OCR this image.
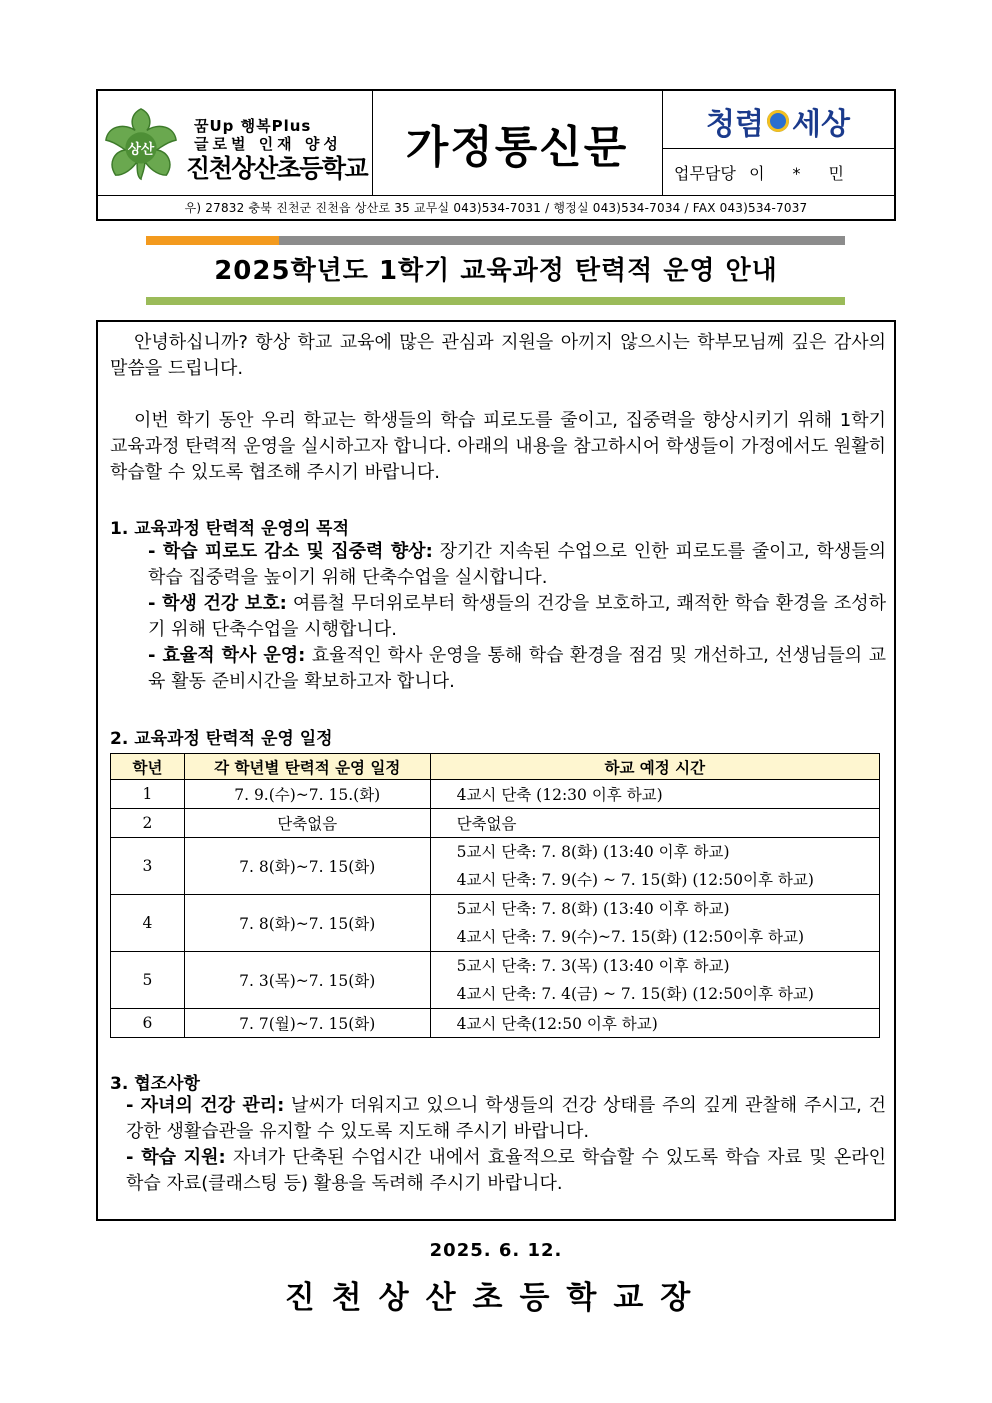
상산
꿈Up 행복Plus
글로벌 인재 양성
진천상산초등학교 가정통신문	청렴 세상
업무담당 이*민
우) 27832 충북 진천군 진천읍 상산로 35 교무실 043)534-7031 / 행정실 043)534-7034 / FAX 043)534-7037
2025학년도 1학기 교육과정 탄력적 운영 안내
안녕하십니까? 항상 학교 교육에 많은 관심과 지원을 아끼지 않으시는 학부모님께 깊은 감사의 말씀을 드립니다.
이번 학기 동안 우리 학교는 학생들의 학습 피로도를 줄이고, 집중력을 향상시키기 위해 1학기 교육과정 탄력적 운영을 실시하고자 합니다. 아래의 내용을 참고하시어 학생들이 가정에서도 원활히 학습할 수 있도록 협조해 주시기 바랍니다.
1. 교육과정 탄력적 운영의 목적
- 학습 피로도 감소 및 집중력 향상: 장기간 지속된 수업으로 인한 피로도를 줄이고, 학생들의 학습 집중력을 높이기 위해 단축수업을 실시합니다.
- 학생 건강 보호: 여름철 무더위로부터 학생들의 건강을 보호하고, 쾌적한 학습 환경을 조성하기 위해 단축수업을 시행합니다.
- 효율적 학사 운영: 효율적인 학사 운영을 통해 학습 환경을 점검 및 개선하고, 선생님들의 교육 활동 준비시간을 확보하고자 합니다.
2. 교육과정 탄력적 운영 일정
학년	각 학년별 탄력적 운영 일정	하교 예정 시간
1	7. 9.(수)~7. 15.(화)	4교시 단축 (12:30 이후 하교)
2	단축없음	단축없음
3	7. 8(화)~7. 15(화)	5교시 단축: 7. 8(화) (13:40 이후 하교)
4교시 단축: 7. 9(수) ~ 7. 15(화) (12:50이후 하교)

4	7. 8(화)~7. 15(화)	5교시 단축: 7. 8(화) (13:40 이후 하교)
4교시 단축: 7. 9(수)~7. 15(화) (12:50이후 하교)

5	7. 3(목)~7. 15(화)	5교시 단축: 7. 3(목) (13:40 이후 하교)
4교시 단축: 7. 4(금) ~ 7. 15(화) (12:50이후 하교)

6	7. 7(월)~7. 15(화)	4교시 단축(12:50 이후 하교)
3. 협조사항
- 자녀의 건강 관리: 날씨가 더워지고 있으니 학생들의 건강 상태를 주의 깊게 관찰해 주시고, 건강한 생활습관을 유지할 수 있도록 지도해 주시기 바랍니다.
- 학습 지원: 자녀가 단축된 수업시간 내에서 효율적으로 학습할 수 있도록 학습 자료 및 온라인 학습 자료(클래스팅 등) 활용을 독려해 주시기 바랍니다.
2025. 6. 12.
진천상산초등학교장
